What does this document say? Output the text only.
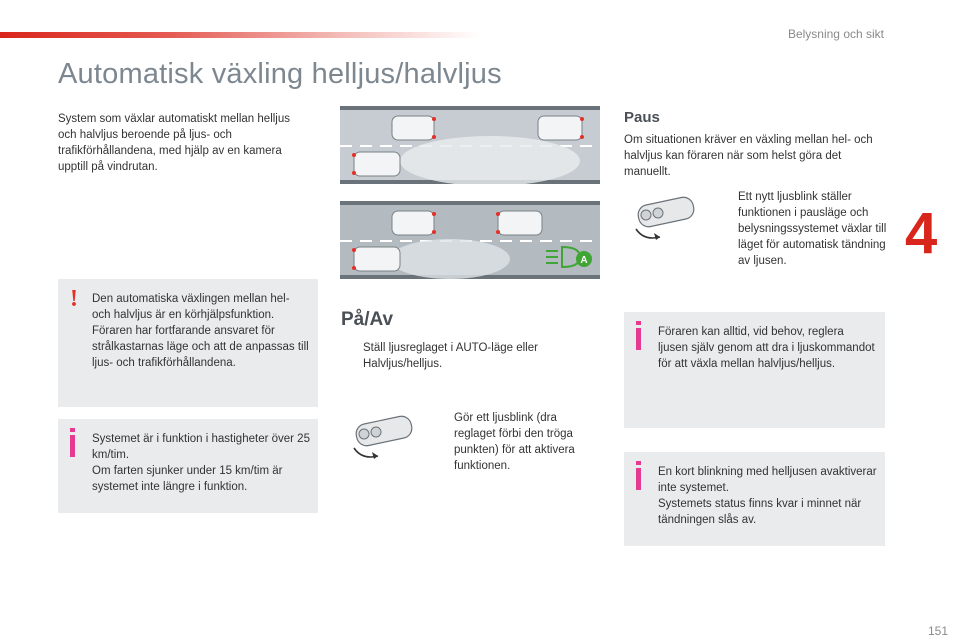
Belysning och sikt
4
Automatisk växling helljus/halvljus
System som växlar automatiskt mellan helljus och halvljus beroende på ljus- och trafikförhållandena, med hjälp av en kamera upptill på vindrutan.
! Den automatiska växlingen mellan hel- och halvljus är en körhjälpsfunktion. Föraren har fortfarande ansvaret för strålkastarnas läge och att de anpassas till ljus- och trafikförhållandena.
Systemet är i funktion i hastigheter över 25 km/tim.
Om farten sjunker under 15 km/tim är systemet inte längre i funktion.
A
På/Av
Ställ ljusreglaget i AUTO-läge eller Halvljus/helljus.
Gör ett ljusblink (dra reglaget förbi den tröga punkten) för att aktivera funktionen.
Paus
Om situationen kräver en växling mellan hel- och halvljus kan föraren när som helst göra det manuellt.
Ett nytt ljusblink ställer funktionen i pausläge och belysningssystemet växlar till läget för automatisk tändning av ljusen.
Föraren kan alltid, vid behov, reglera ljusen själv genom att dra i ljuskommandot för att växla mellan halvljus/helljus.
En kort blinkning med helljusen avaktiverar inte systemet.
Systemets status finns kvar i minnet när tändningen slås av.
151
